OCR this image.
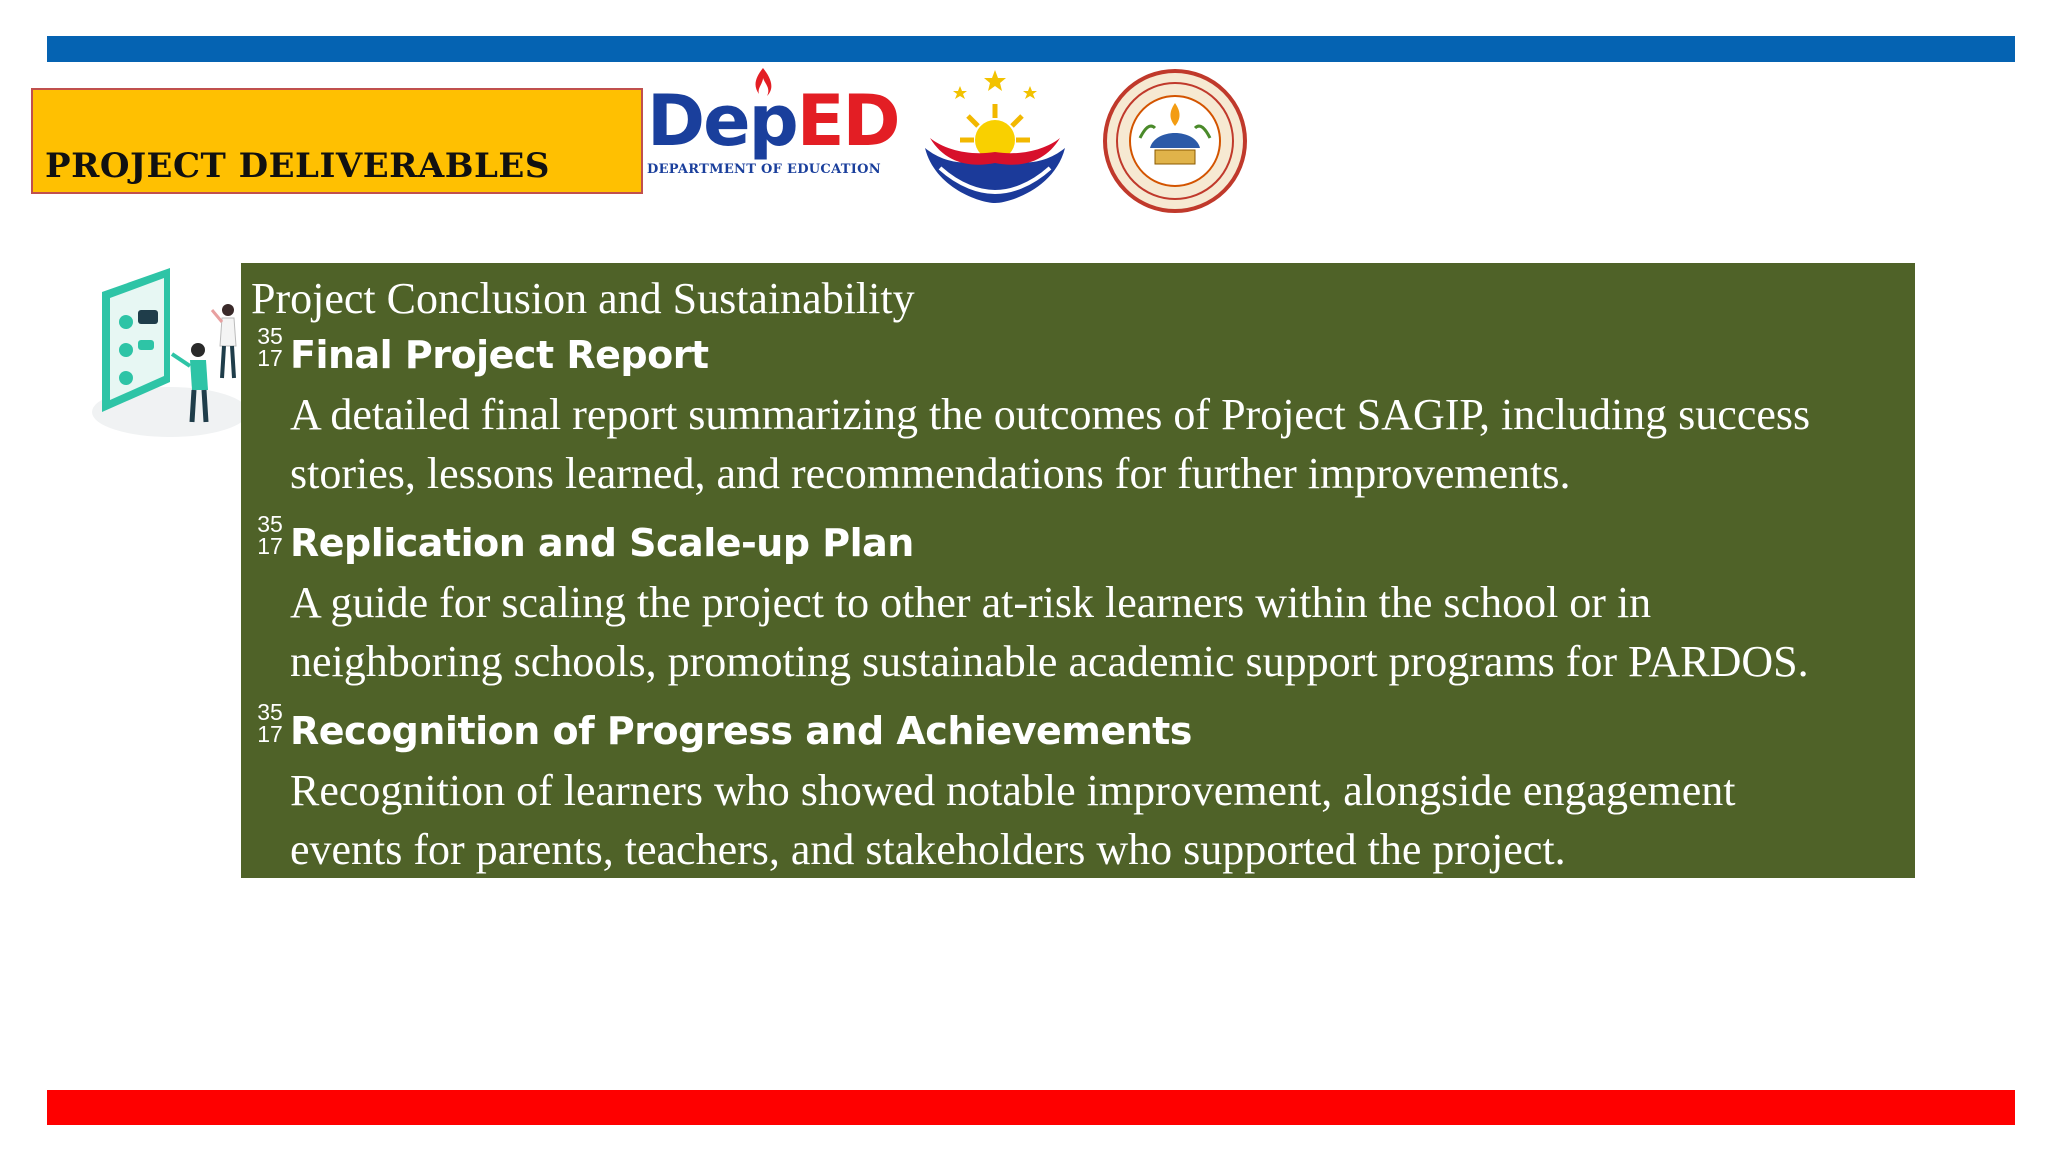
PROJECT DELIVERABLES
DepED
DEPARTMENT OF EDUCATION
Project Conclusion and Sustainability
35
17 Final Project Report
A detailed final report summarizing the outcomes of Project SAGIP, including success
stories, lessons learned, and recommendations for further improvements.
35
17 Replication and Scale-up Plan
A guide for scaling the project to other at-risk learners within the school or in
neighboring schools, promoting sustainable academic support programs for PARDOS.
35
17 Recognition of Progress and Achievements
Recognition of learners who showed notable improvement, alongside engagement
events for parents, teachers, and stakeholders who supported the project.
